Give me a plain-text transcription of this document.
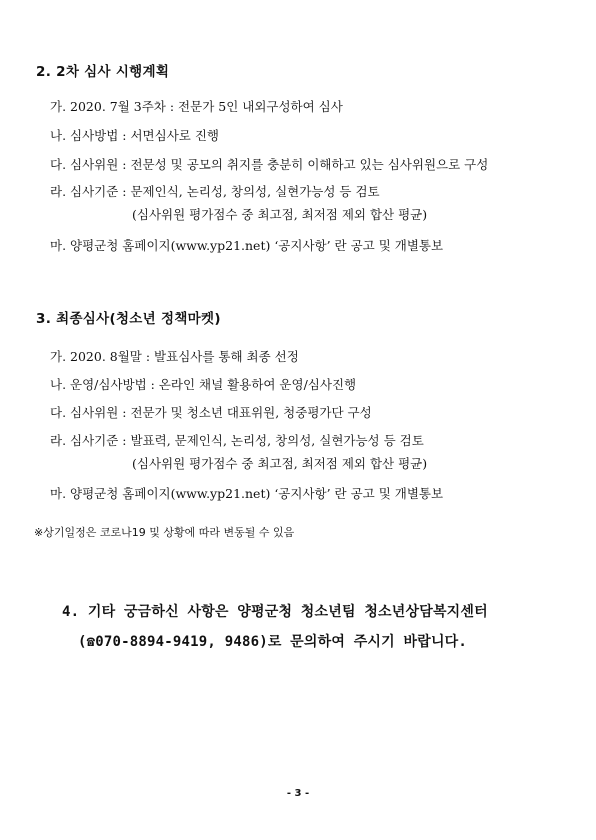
2. 2차 심사 시행계획
가. 2020. 7월 3주차 : 전문가 5인 내외구성하여 심사
나. 심사방법 : 서면심사로 진행
다. 심사위원 : 전문성 및 공모의 취지를 충분히 이해하고 있는 심사위원으로 구성
라. 심사기준 : 문제인식, 논리성, 창의성, 실현가능성 등 검토
(심사위원 평가점수 중 최고점, 최저점 제외 합산 평균)
마. 양평군청 홈페이지(www.yp21.net) ‘공지사항’ 란 공고 및 개별통보
3. 최종심사(청소년 정책마켓)
가. 2020. 8월말 : 발표심사를 통해 최종 선정
나. 운영/심사방법 : 온라인 채널 활용하여 운영/심사진행
다. 심사위원 : 전문가 및 청소년 대표위원, 청중평가단 구성
라. 심사기준 : 발표력, 문제인식, 논리성, 창의성, 실현가능성 등 검토
(심사위원 평가점수 중 최고점, 최저점 제외 합산 평균)
마. 양평군청 홈페이지(www.yp21.net) ‘공지사항’ 란 공고 및 개별통보
※상기일정은 코로나19 및 상황에 따라 변동될 수 있음
4. 기타 궁금하신 사항은 양평군청 청소년팀 청소년상담복지센터
(☎070-8894-9419, 9486)로 문의하여 주시기 바랍니다.
- 3 -
